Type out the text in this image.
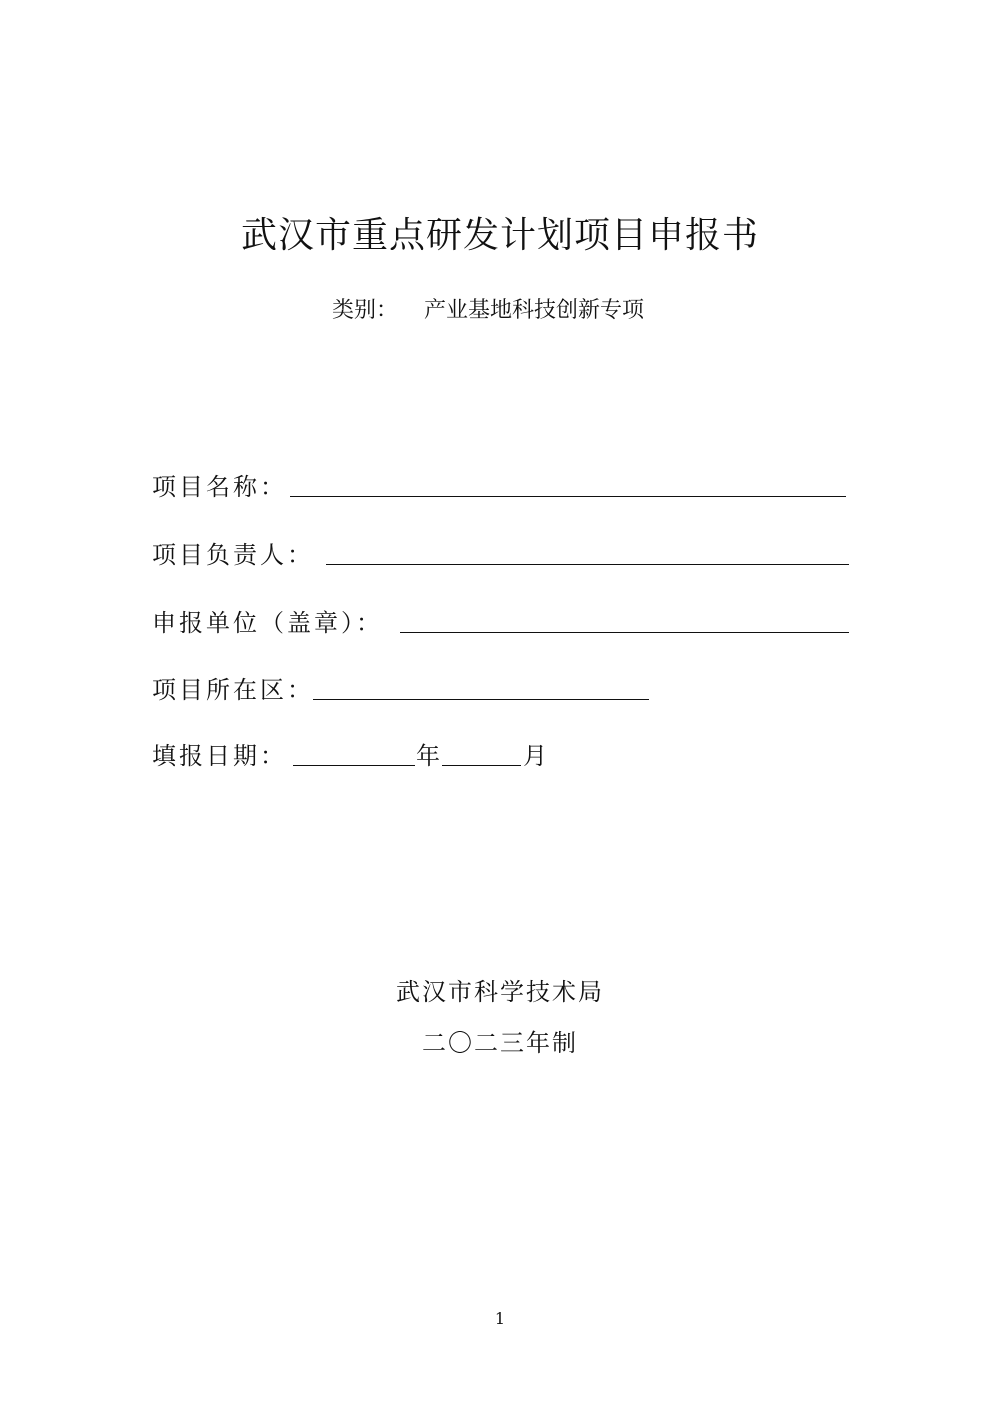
武汉市重点研发计划项目申报书
类别： 产业基地科技创新专项
项目名称：
项目负责人：
申报单位（盖章）：
项目所在区：
填报日期：	年	月
武汉市科学技术局
二〇二三年制
1
